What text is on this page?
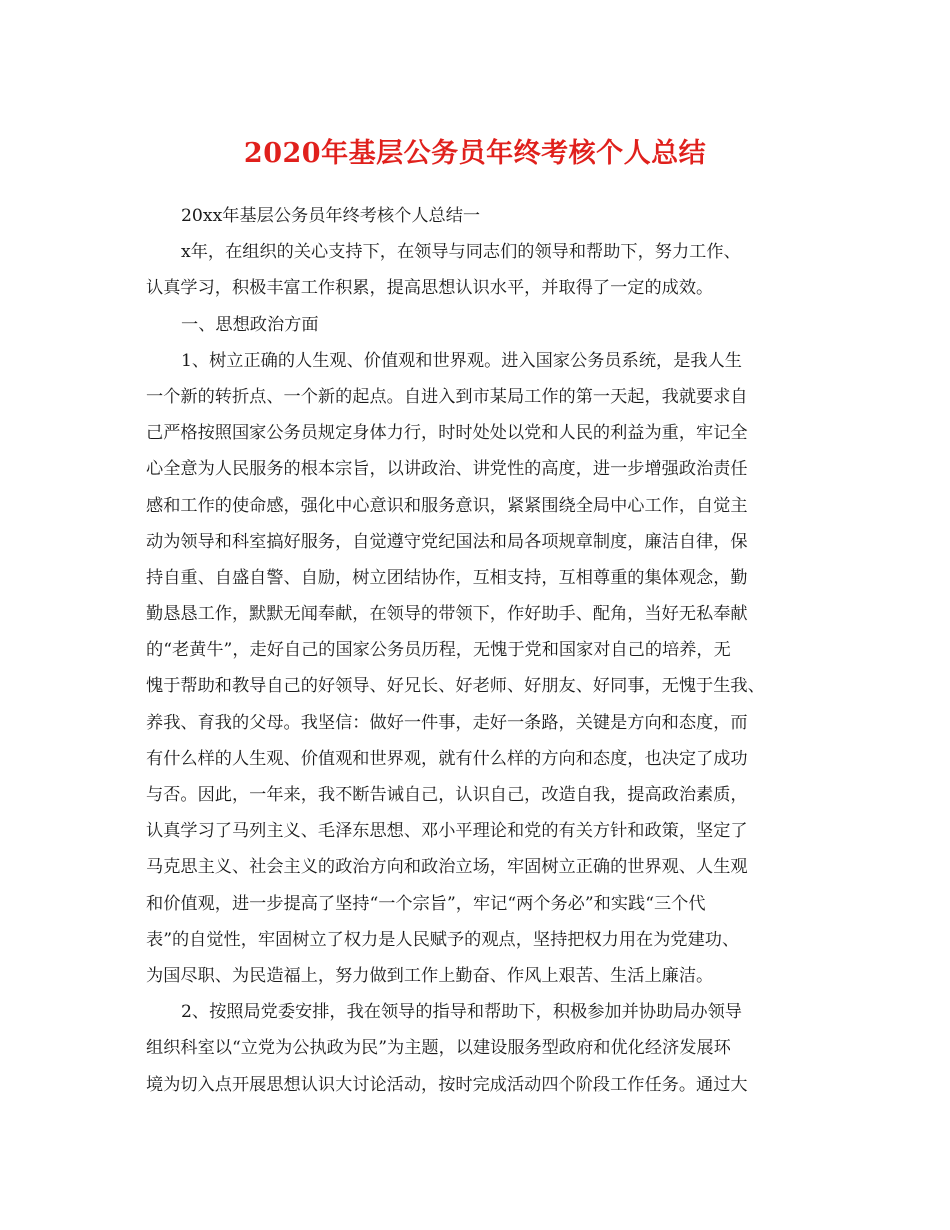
2020年基层公务员年终考核个人总结
20xx年基层公务员年终考核个人总结一
x年，在组织的关心支持下，在领导与同志们的领导和帮助下，努力工作、
认真学习，积极丰富工作积累，提高思想认识水平，并取得了一定的成效。
一、思想政治方面
1、树立正确的人生观、价值观和世界观。进入国家公务员系统，是我人生
一个新的转折点、一个新的起点。自进入到市某局工作的第一天起，我就要求自
己严格按照国家公务员规定身体力行，时时处处以党和人民的利益为重，牢记全
心全意为人民服务的根本宗旨，以讲政治、讲党性的高度，进一步增强政治责任
感和工作的使命感，强化中心意识和服务意识，紧紧围绕全局中心工作，自觉主
动为领导和科室搞好服务，自觉遵守党纪国法和局各项规章制度，廉洁自律，保
持自重、自盛自警、自励，树立团结协作，互相支持，互相尊重的集体观念，勤
勤恳恳工作，默默无闻奉献，在领导的带领下，作好助手、配角，当好无私奉献
的“老黄牛”，走好自己的国家公务员历程，无愧于党和国家对自己的培养，无
愧于帮助和教导自己的好领导、好兄长、好老师、好朋友、好同事，无愧于生我、
养我、育我的父母。我坚信：做好一件事，走好一条路，关键是方向和态度，而
有什么样的人生观、价值观和世界观，就有什么样的方向和态度，也决定了成功
与否。因此，一年来，我不断告诫自己，认识自己，改造自我，提高政治素质，
认真学习了马列主义、毛泽东思想、邓小平理论和党的有关方针和政策，坚定了
马克思主义、社会主义的政治方向和政治立场，牢固树立正确的世界观、人生观
和价值观，进一步提高了坚持“一个宗旨”，牢记“两个务必”和实践“三个代
表”的自觉性，牢固树立了权力是人民赋予的观点，坚持把权力用在为党建功、
为国尽职、为民造福上，努力做到工作上勤奋、作风上艰苦、生活上廉洁。
2、按照局党委安排，我在领导的指导和帮助下，积极参加并协助局办领导
组织科室以“立党为公执政为民”为主题，以建设服务型政府和优化经济发展环
境为切入点开展思想认识大讨论活动，按时完成活动四个阶段工作任务。通过大
